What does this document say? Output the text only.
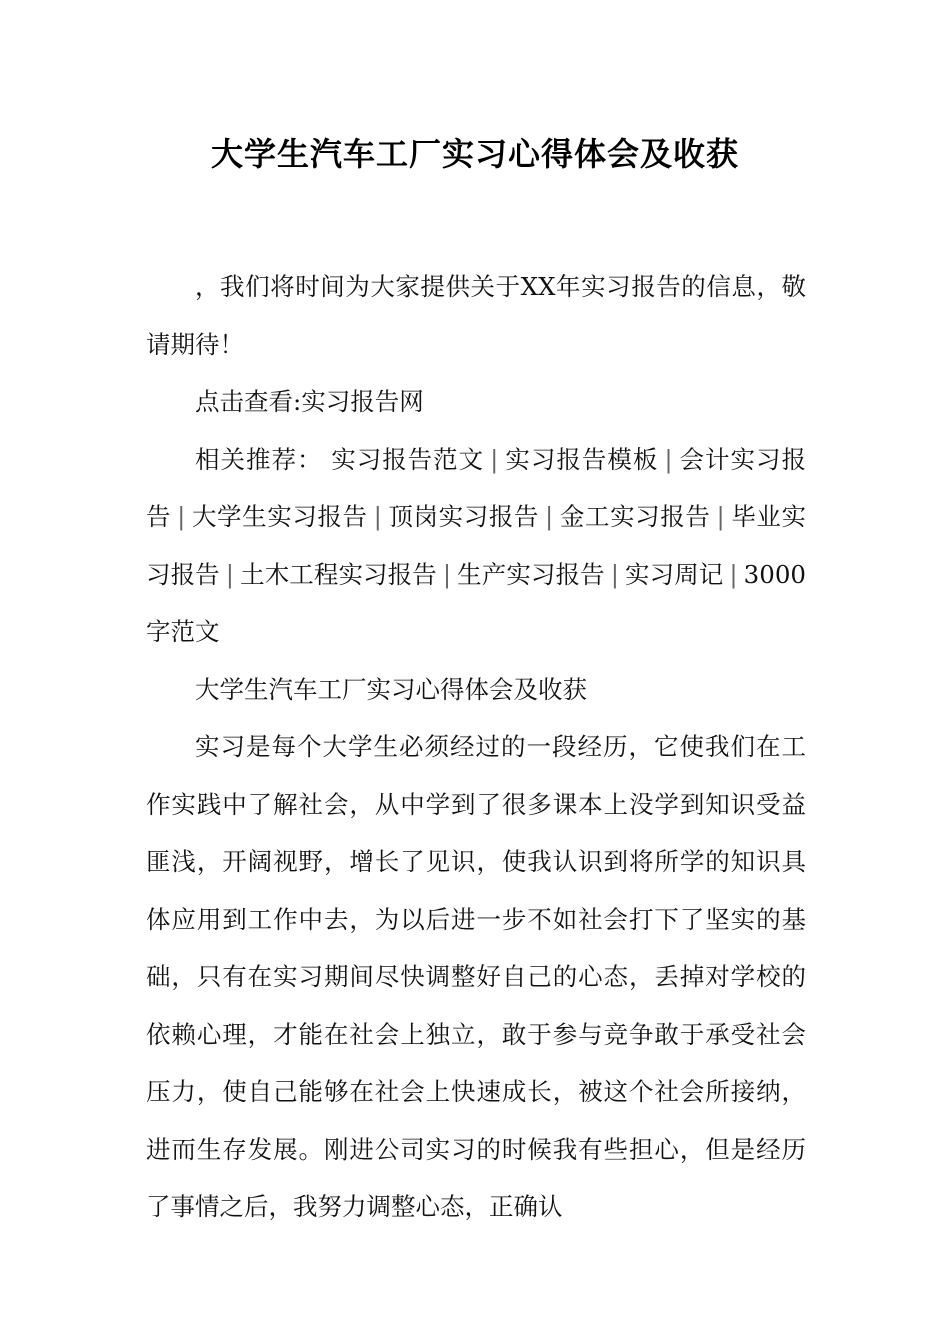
大学生汽车工厂实习心得体会及收获

，我们将时间为大家提供关于XX年实习报告的信息，敬请期待！

点击查看:实习报告网

相关推荐： 实习报告范文 | 实习报告模板 | 会计实习报告 | 大学生实习报告 | 顶岗实习报告 | 金工实习报告 | 毕业实习报告 | 土木工程实习报告 | 生产实习报告 | 实习周记 | 3000字范文

大学生汽车工厂实习心得体会及收获

实习是每个大学生必须经过的一段经历，它使我们在工作实践中了解社会，从中学到了很多课本上没学到知识受益匪浅，开阔视野，增长了见识，使我认识到将所学的知识具体应用到工作中去，为以后进一步不如社会打下了坚实的基础，只有在实习期间尽快调整好自己的心态，丢掉对学校的依赖心理，才能在社会上独立，敢于参与竞争敢于承受社会压力，使自己能够在社会上快速成长，被这个社会所接纳，进而生存发展。刚进公司实习的时候我有些担心，但是经历了事情之后，我努力调整心态，正确认
